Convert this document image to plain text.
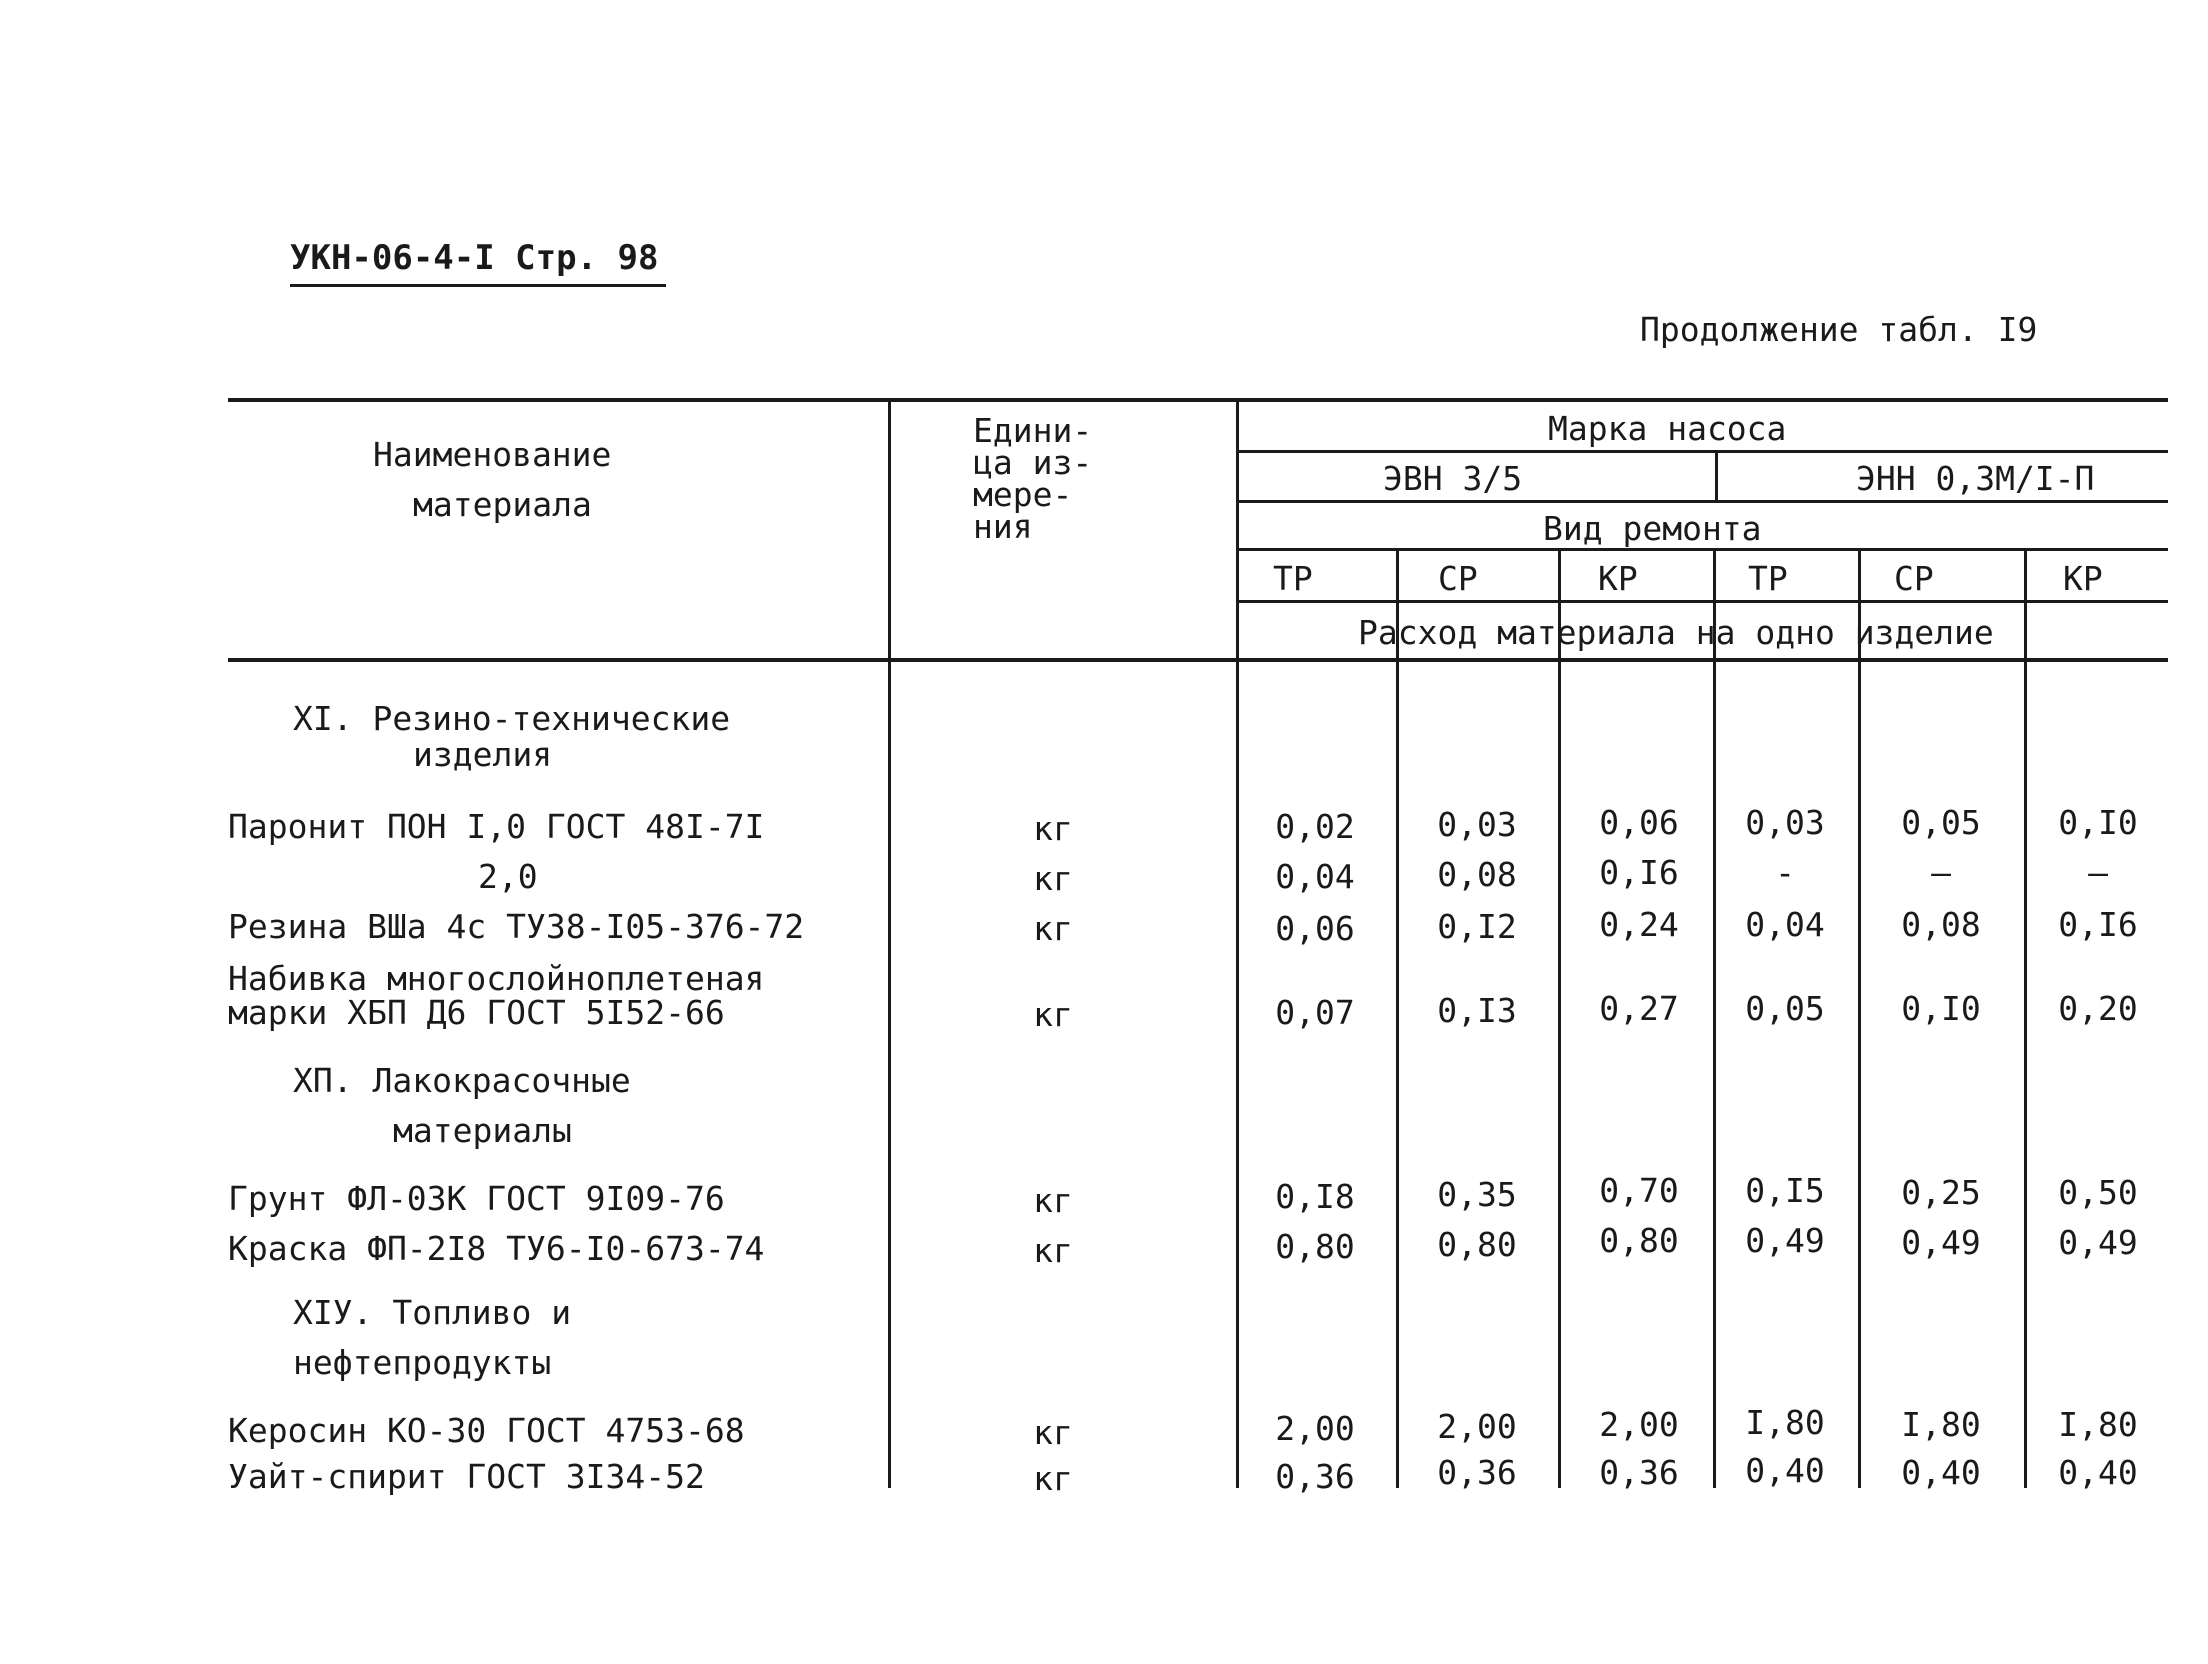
УКН-06-4-I Стр. 98
Продолжение табл. I9
Наименование
материала
Едини-
ца из-
мере-
ния
Марка насоса
ЭВН 3/5	ЭНН 0,3М/I-П
Вид ремонта
ТР	СР	КР	ТР	СР	КР
Расход материала на одно изделие
XI. Резино-технические
изделия
Паронит ПОН I,0 ГОСТ 48I-7I	кг	0,02	0,03	0,06	0,03	0,05	0,I0
2,0	кг	0,04	0,08	0,I6	-	–	–
Резина ВШа 4с ТУ38-I05-376-72	кг	0,06	0,I2	0,24	0,04	0,08	0,I6
Набивка многослойноплетеная
марки ХБП Д6 ГОСТ 5I52-66	кг	0,07	0,I3	0,27	0,05	0,I0	0,20
XП. Лакокрасочные
материалы
Грунт ФЛ-03К ГОСТ 9I09-76	кг	0,I8	0,35	0,70	0,I5	0,25	0,50
Краска ФП-2I8 ТУ6-I0-673-74	кг	0,80	0,80	0,80	0,49	0,49	0,49
XIУ. Топливо и
нефтепродукты
Керосин КО-30 ГОСТ 4753-68	кг	2,00	2,00	2,00	I,80	I,80	I,80
Уайт-спирит ГОСТ 3I34-52	кг	0,36	0,36	0,36	0,40	0,40	0,40
